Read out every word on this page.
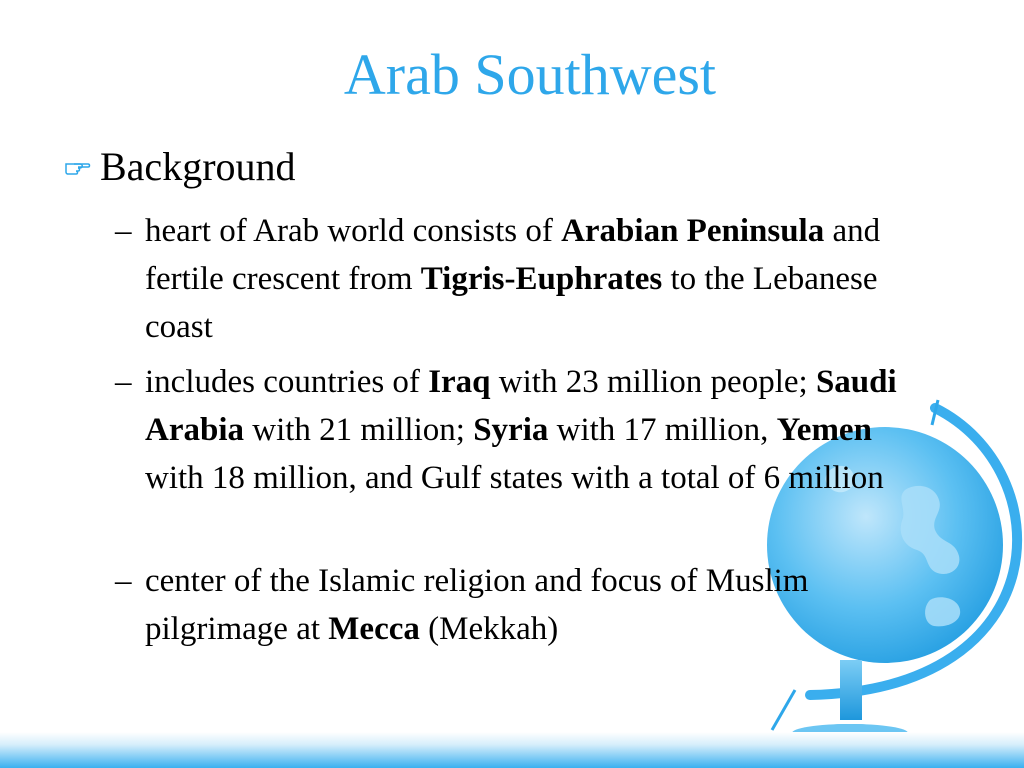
Arab Southwest
Background
– heart of Arab world consists of Arabian Peninsula and fertile crescent from Tigris-Euphrates to the Lebanese coast
– includes countries of Iraq with 23 million people; Saudi Arabia with 21 million; Syria with 17 million, Yemen with 18 million, and Gulf states with a total of 6 million
– center of the Islamic religion and focus of Muslim pilgrimage at Mecca (Mekkah)
